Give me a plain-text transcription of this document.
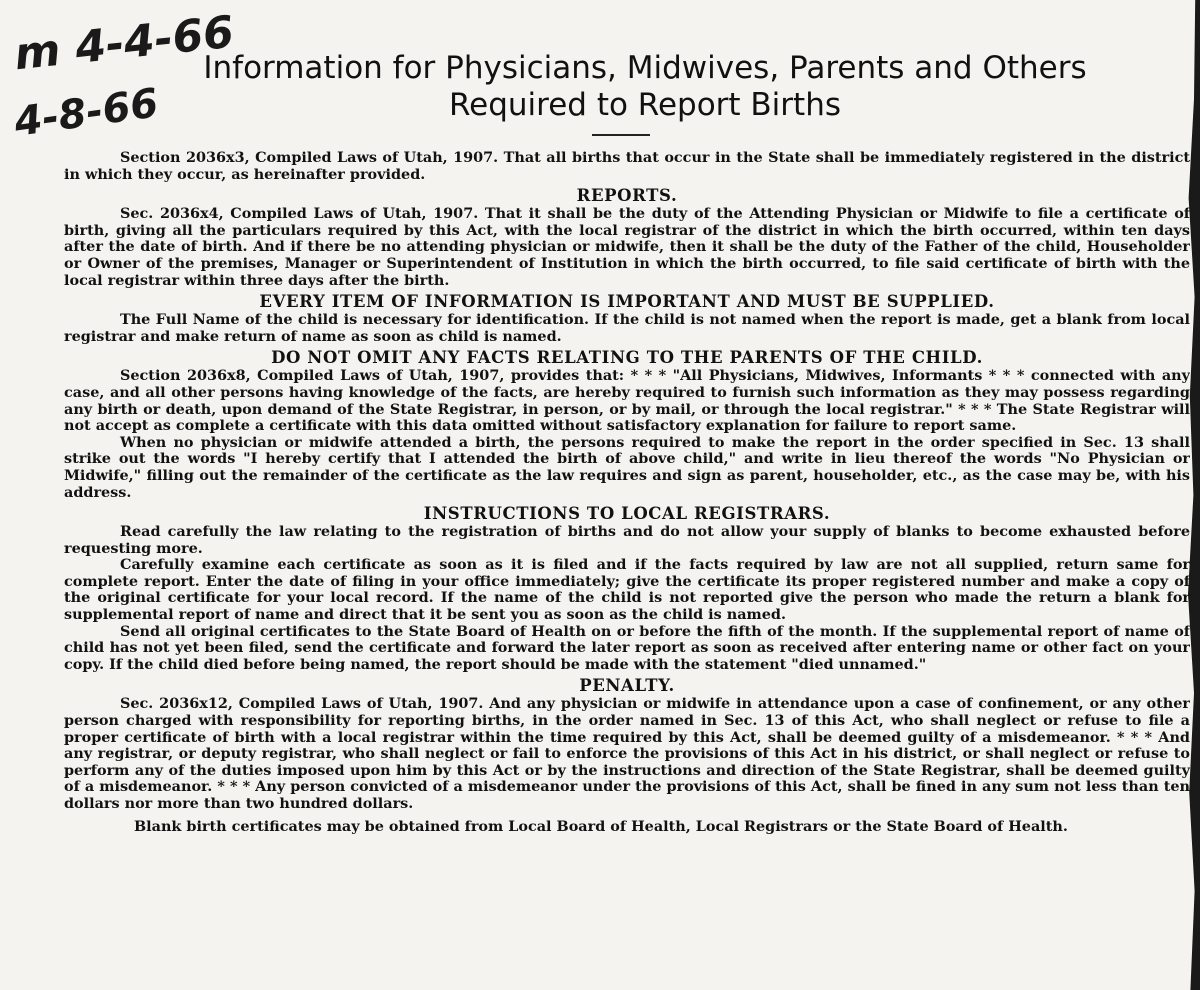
m 4-4-66
4-8-66
Information for Physicians, Midwives, Parents and Others
Required to Report Births

Section 2036x3, Compiled Laws of Utah, 1907. That all births that occur in the State shall be immediately registered in the district in which they occur, as hereinafter provided.

REPORTS.

Sec. 2036x4, Compiled Laws of Utah, 1907. That it shall be the duty of the Attending Physician or Midwife to file a certificate of birth, giving all the particulars required by this Act, with the local registrar of the district in which the birth occurred, within ten days after the date of birth. And if there be no attending physician or midwife, then it shall be the duty of the Father of the child, Householder or Owner of the premises, Manager or Superintendent of Institution in which the birth occurred, to file said certificate of birth with the local registrar within three days after the birth.

EVERY ITEM OF INFORMATION IS IMPORTANT AND MUST BE SUPPLIED.

The Full Name of the child is necessary for identification. If the child is not named when the report is made, get a blank from local registrar and make return of name as soon as child is named.

DO NOT OMIT ANY FACTS RELATING TO THE PARENTS OF THE CHILD.

Section 2036x8, Compiled Laws of Utah, 1907, provides that: * * * "All Physicians, Midwives, Informants * * * connected with any case, and all other persons having knowledge of the facts, are hereby required to furnish such information as they may possess regarding any birth or death, upon demand of the State Registrar, in person, or by mail, or through the local registrar." * * * The State Registrar will not accept as complete a certificate with this data omitted without satisfactory explanation for failure to report same.

When no physician or midwife attended a birth, the persons required to make the report in the order specified in Sec. 13 shall strike out the words "I hereby certify that I attended the birth of above child," and write in lieu thereof the words "No Physician or Midwife," filling out the remainder of the certificate as the law requires and sign as parent, householder, etc., as the case may be, with his address.

INSTRUCTIONS TO LOCAL REGISTRARS.

Read carefully the law relating to the registration of births and do not allow your supply of blanks to become exhausted before requesting more.

Carefully examine each certificate as soon as it is filed and if the facts required by law are not all supplied, return same for complete report. Enter the date of filing in your office immediately; give the certificate its proper registered number and make a copy of the original certificate for your local record. If the name of the child is not reported give the person who made the return a blank for supplemental report of name and direct that it be sent you as soon as the child is named.

Send all original certificates to the State Board of Health on or before the fifth of the month. If the supplemental report of name of child has not yet been filed, send the certificate and forward the later report as soon as received after entering name or other fact on your copy. If the child died before being named, the report should be made with the statement "died unnamed."

PENALTY.

Sec. 2036x12, Compiled Laws of Utah, 1907. And any physician or midwife in attendance upon a case of confinement, or any other person charged with responsibility for reporting births, in the order named in Sec. 13 of this Act, who shall neglect or refuse to file a proper certificate of birth with a local registrar within the time required by this Act, shall be deemed guilty of a misdemeanor. * * * And any registrar, or deputy registrar, who shall neglect or fail to enforce the provisions of this Act in his district, or shall neglect or refuse to perform any of the duties imposed upon him by this Act or by the instructions and direction of the State Registrar, shall be deemed guilty of a misdemeanor. * * * Any person convicted of a misdemeanor under the provisions of this Act, shall be fined in any sum not less than ten dollars nor more than two hundred dollars.

Blank birth certificates may be obtained from Local Board of Health, Local Registrars or the State Board of Health.
